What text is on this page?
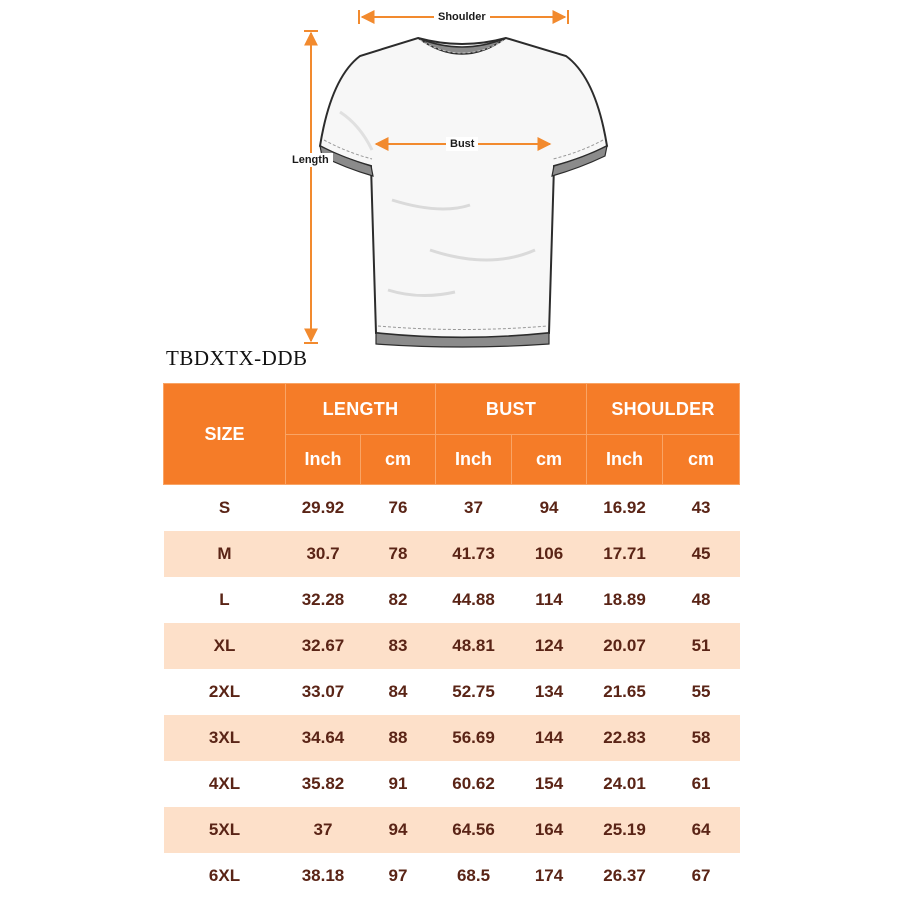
Shoulder
Bust
Length
TBDXTX-DDB
SIZE	LENGTH		BUST		SHOULDER	
	Inch	cm	Inch	cm	Inch	cm
S	29.92	76	37	94	16.92	43
M	30.7	78	41.73	106	17.71	45
L	32.28	82	44.88	114	18.89	48
XL	32.67	83	48.81	124	20.07	51
2XL	33.07	84	52.75	134	21.65	55
3XL	34.64	88	56.69	144	22.83	58
4XL	35.82	91	60.62	154	24.01	61
5XL	37	94	64.56	164	25.19	64
6XL	38.18	97	68.5	174	26.37	67
